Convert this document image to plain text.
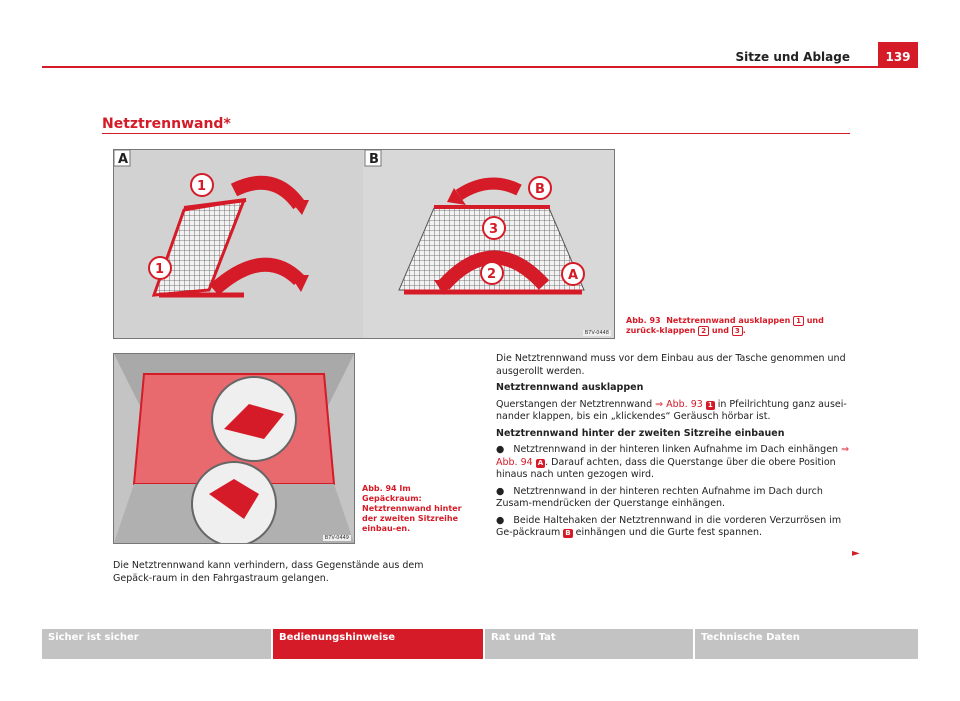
Sitze und Ablage	139
Netztrennwand*
A
1
1
B
B
3
2	A
B7V-0448
Abb. 93 Netztrennwand ausklappen 1 und zurück-klappen 2 und 3 .
B7V-0449
Abb. 94 Im Gepäckraum: Netztrennwand hinter der zweiten Sitzreihe einbau-en.
Die Netztrennwand kann verhindern, dass Gegenstände aus dem Gepäck-raum in den Fahrgastraum gelangen.

Die Netztrennwand muss vor dem Einbau aus der Tasche genommen und ausgerollt werden.

Netztrennwand ausklappen

Querstangen der Netztrennwand ⇒ Abb. 93 1 in Pfeilrichtung ganz ausei-nander klappen, bis ein „klickendes“ Geräusch hörbar ist.

Netztrennwand hinter der zweiten Sitzreihe einbauen

●   Netztrennwand in der hinteren linken Aufnahme im Dach einhängen ⇒ Abb. 94 A . Darauf achten, dass die Querstange über die obere Position hinaus nach unten gezogen wird.

●   Netztrennwand in der hinteren rechten Aufnahme im Dach durch Zusam-mendrücken der Querstange einhängen.

●   Beide Haltehaken der Netztrennwand in die vorderen Verzurrösen im Ge-päckraum B einhängen und die Gurte fest spannen.

►
Sicher ist sicher	Bedienungshinweise	Rat und Tat	Technische Daten
